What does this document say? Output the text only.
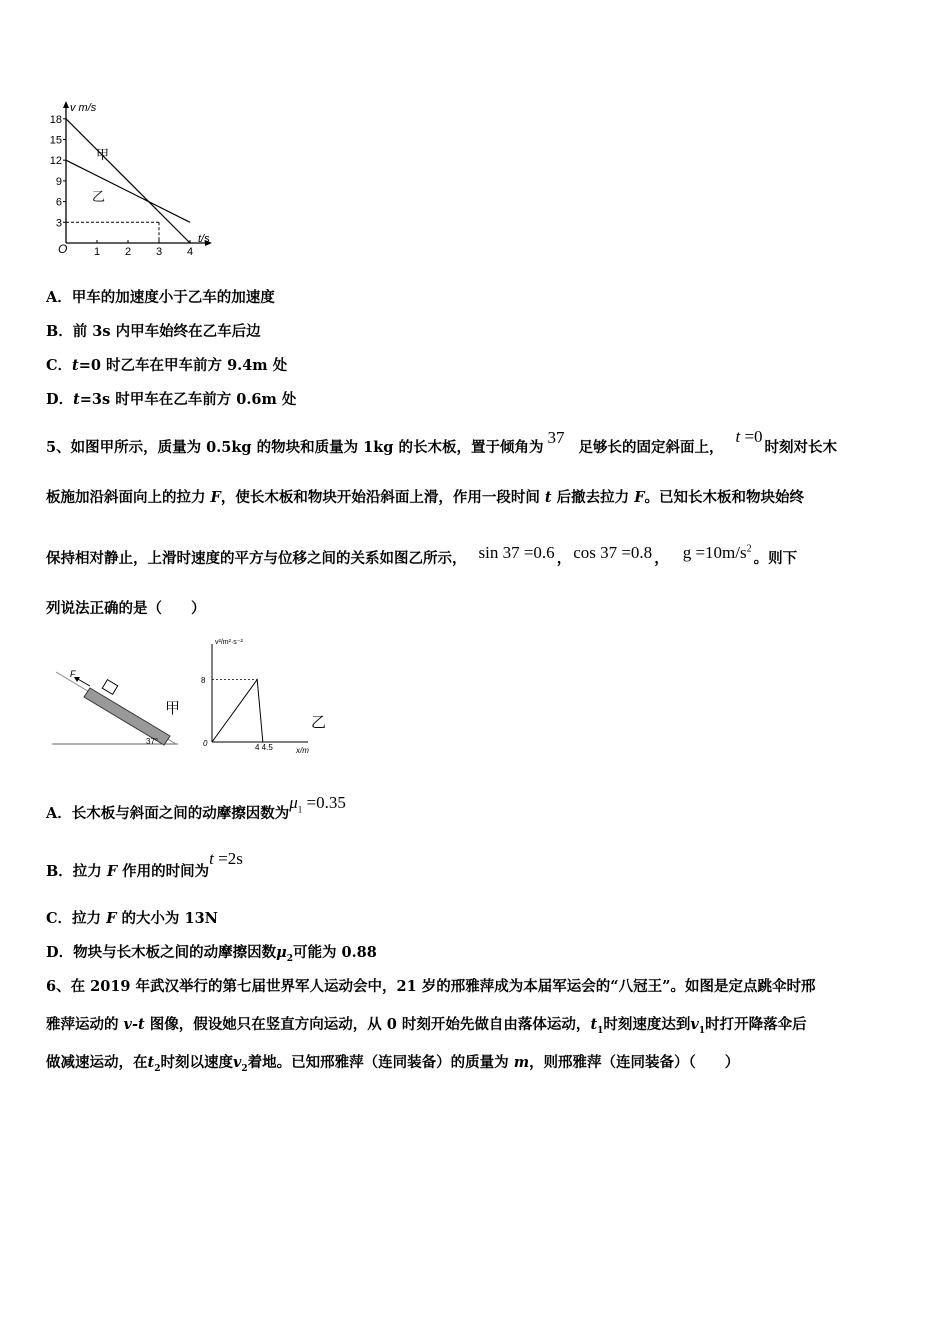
v m/s
t/s
O
18
15
12
9
6
3
1 2 3 4
甲
乙
A．甲车的加速度小于乙车的加速度
B．前 3s 内甲车始终在乙车后边
C．t=0 时乙车在甲车前方 9.4m 处
D．t=3s 时甲车在乙车前方 0.6m 处
5、如图甲所示，质量为 0.5kg 的物块和质量为 1kg 的长木板，置于倾角为37足够长的固定斜面上，t =0时刻对长木
板施加沿斜面向上的拉力 F，使长木板和物块开始沿斜面上滑，作用一段时间 t 后撤去拉力 F。已知长木板和物块始终
保持相对静止，上滑时速度的平方与位移之间的关系如图乙所示， sin 37 =0.6 ， cos 37 =0.8 ， $g =10m/s^2$。则下
列说法正确的是（　　）
F
37°
甲
v²/m²·s⁻²
x/m
0
8
4 4.5
乙
A．长木板与斜面之间的动摩擦因数为$\mu_1 =0.35$
B．拉力 F 作用的时间为t =2s
C．拉力 F 的大小为 13N
D．物块与长木板之间的动摩擦因数$\mu_2$可能为 0.88
6、在 2019 年武汉举行的第七届世界军人运动会中，21 岁的邢雅萍成为本届军运会的“八冠王”。如图是定点跳伞时邢
雅萍运动的 v-t 图像，假设她只在竖直方向运动，从 0 时刻开始先做自由落体运动，$t_1$时刻速度达到$v_1$时打开降落伞后
做减速运动，在$t_2$时刻以速度$v_2$着地。已知邢雅萍（连同装备）的质量为 m，则邢雅萍（连同装备）（　　）
